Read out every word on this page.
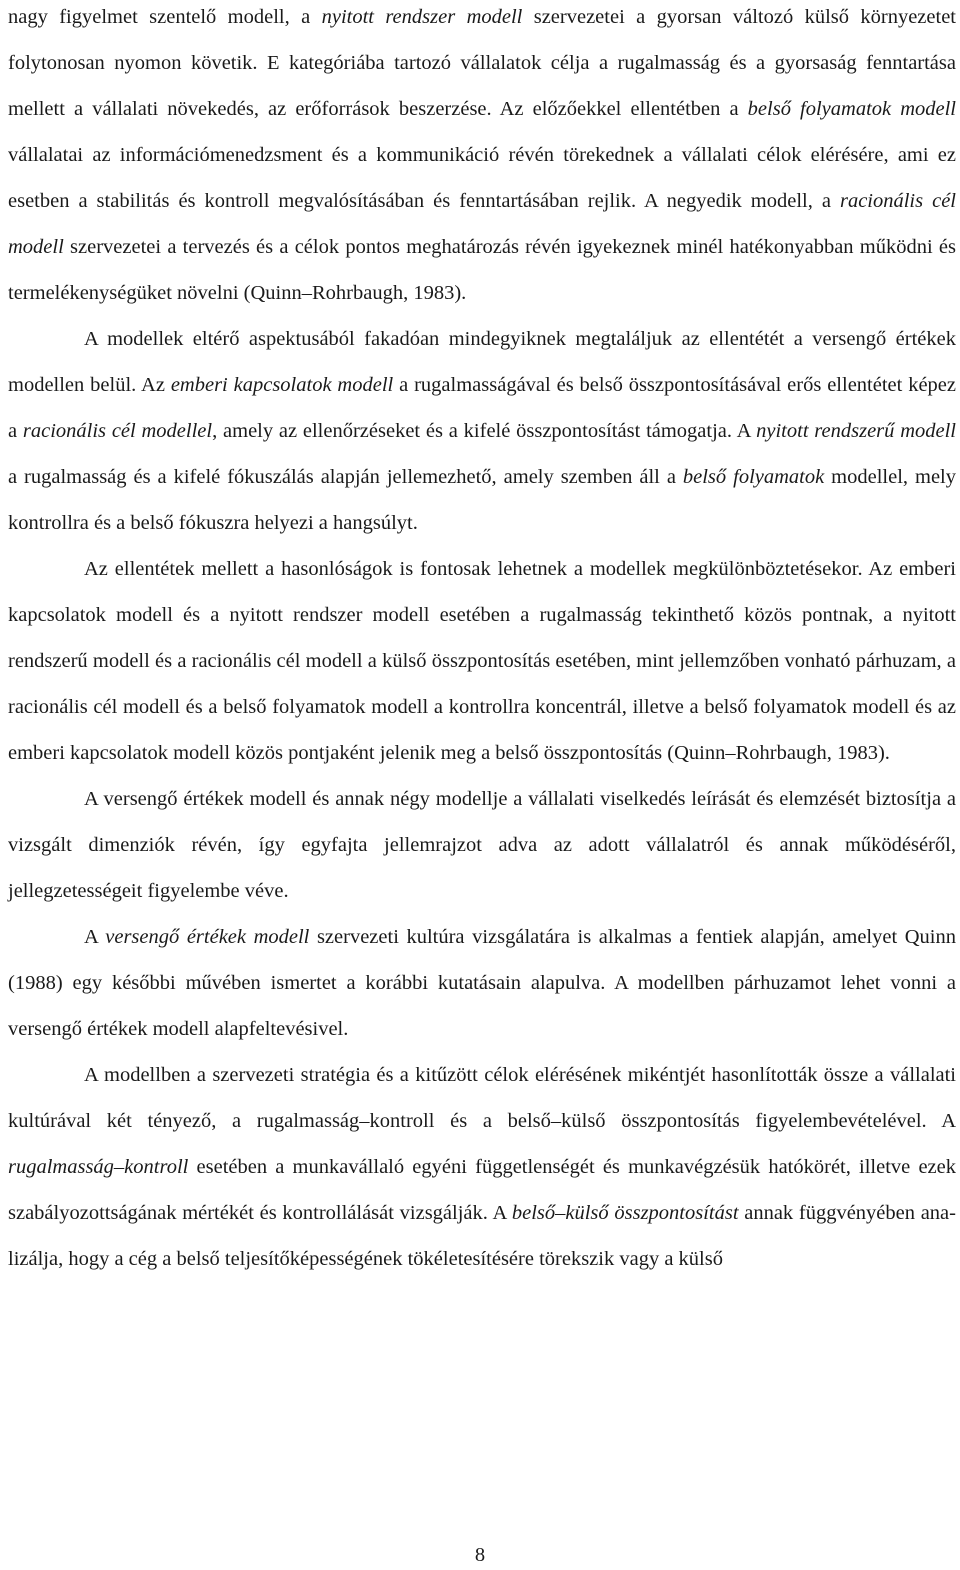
nagy figyelmet szentelő modell, a nyitott rendszer modell szervezetei a gyorsan változó külső környezetet folytonosan nyomon követik. E kategóriába tartozó vállalatok célja a rugalmasság és a gyorsaság fenntartása mellett a vállalati növekedés, az erőforrások beszerzése. Az előzőekkel ellentétben a belső folyamatok modell vállalatai az információmenedzsment és a kommunikáció révén törekednek a vállalati célok elérésére, ami ez esetben a stabilitás és kontroll megvalósításában és fenntartásában rejlik. A negyedik modell, a racionális cél modell szervezetei a tervezés és a célok pontos meghatározás révén igyekeznek minél hatékonyabban működni és termelékenységüket növelni (Quinn–Rohrbaugh, 1983).

A modellek eltérő aspektusából fakadóan mindegyiknek megtaláljuk az ellentétét a versengő értékek modellen belül. Az emberi kapcsolatok modell a rugalmasságával és belső összpontosításával erős ellentétet képez a racionális cél modellel, amely az ellenőrzéseket és a kifelé összpontosítást támogatja. A nyitott rendszerű modell a rugalmasság és a kifelé fókuszálás alapján jellemezhető, amely szemben áll a belső folyamatok modellel, mely kontrollra és a belső fókuszra helyezi a hangsúlyt.

Az ellentétek mellett a hasonlóságok is fontosak lehetnek a modellek megkülönböztetésekor. Az emberi kapcsolatok modell és a nyitott rendszer modell esetében a rugalmasság tekinthető közös pontnak, a nyitott rendszerű modell és a racionális cél modell a külső összpontosítás esetében, mint jellemzőben vonható párhuzam, a racionális cél modell és a belső folyamatok modell a kontrollra koncentrál, illetve a belső folyamatok modell és az emberi kapcsolatok modell közös pontjaként jelenik meg a belső összpontosítás (Quinn–Rohrbaugh, 1983).

A versengő értékek modell és annak négy modellje a vállalati viselkedés leírását és elemzését biztosítja a vizsgált dimenziók révén, így egyfajta jellemrajzot adva az adott vállalatról és annak működéséről, jellegzetességeit figyelembe véve.

A versengő értékek modell szervezeti kultúra vizsgálatára is alkalmas a fentiek alapján, amelyet Quinn (1988) egy későbbi művében ismertet a korábbi kutatásain alapulva. A modellben párhuzamot lehet vonni a versengő értékek modell alapfeltevésivel.

A modellben a szervezeti stratégia és a kitűzött célok elérésének mikéntjét hasonlították össze a vállalati kultúrával két tényező, a rugalmasság–kontroll és a belső–külső összpontosítás figyelembevételével. A rugalmasság–kontroll esetében a munkavállaló egyéni függetlenségét és munkavégzésük hatókörét, illetve ezek szabályozottságának mértékét és kontrollálását vizsgálják. A belső–külső összpontosítást annak függvényében analizálja, hogy a cég a belső teljesítőképességének tökéletesítésére törekszik vagy a külső

8
